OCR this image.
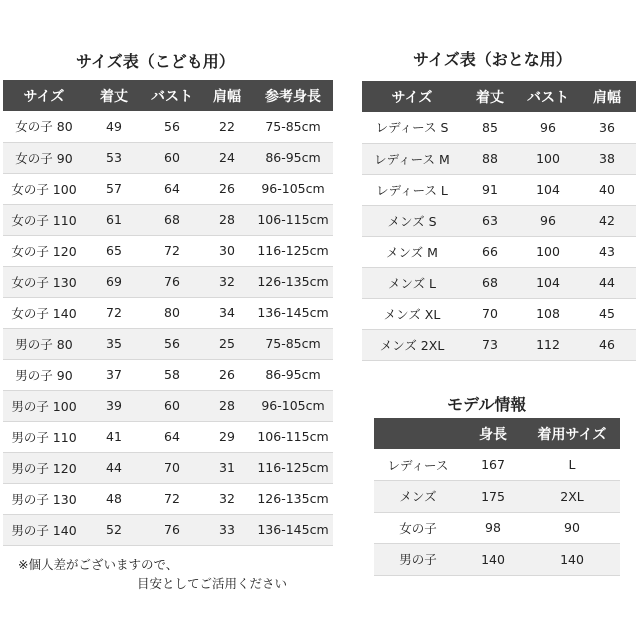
サイズ表（こども用）
サイズ	着丈	バスト	肩幅	参考身長
女の子 80	49	56	22	75-85cm
女の子 90	53	60	24	86-95cm
女の子 100	57	64	26	96-105cm
女の子 110	61	68	28	106-115cm
女の子 120	65	72	30	116-125cm
女の子 130	69	76	32	126-135cm
女の子 140	72	80	34	136-145cm
男の子 80	35	56	25	75-85cm
男の子 90	37	58	26	86-95cm
男の子 100	39	60	28	96-105cm
男の子 110	41	64	29	106-115cm
男の子 120	44	70	31	116-125cm
男の子 130	48	72	32	126-135cm
男の子 140	52	76	33	136-145cm
サイズ表（おとな用）
サイズ	着丈	バスト	肩幅
レディース S	85	96	36
レディース M	88	100	38
レディース L	91	104	40
メンズ S	63	96	42
メンズ M	66	100	43
メンズ L	68	104	44
メンズ XL	70	108	45
メンズ 2XL	73	112	46
モデル情報
	身長	着用サイズ
レディース	167	L
メンズ	175	2XL
女の子	98	90
男の子	140	140
※個人差がございますので、
目安としてご活用ください
